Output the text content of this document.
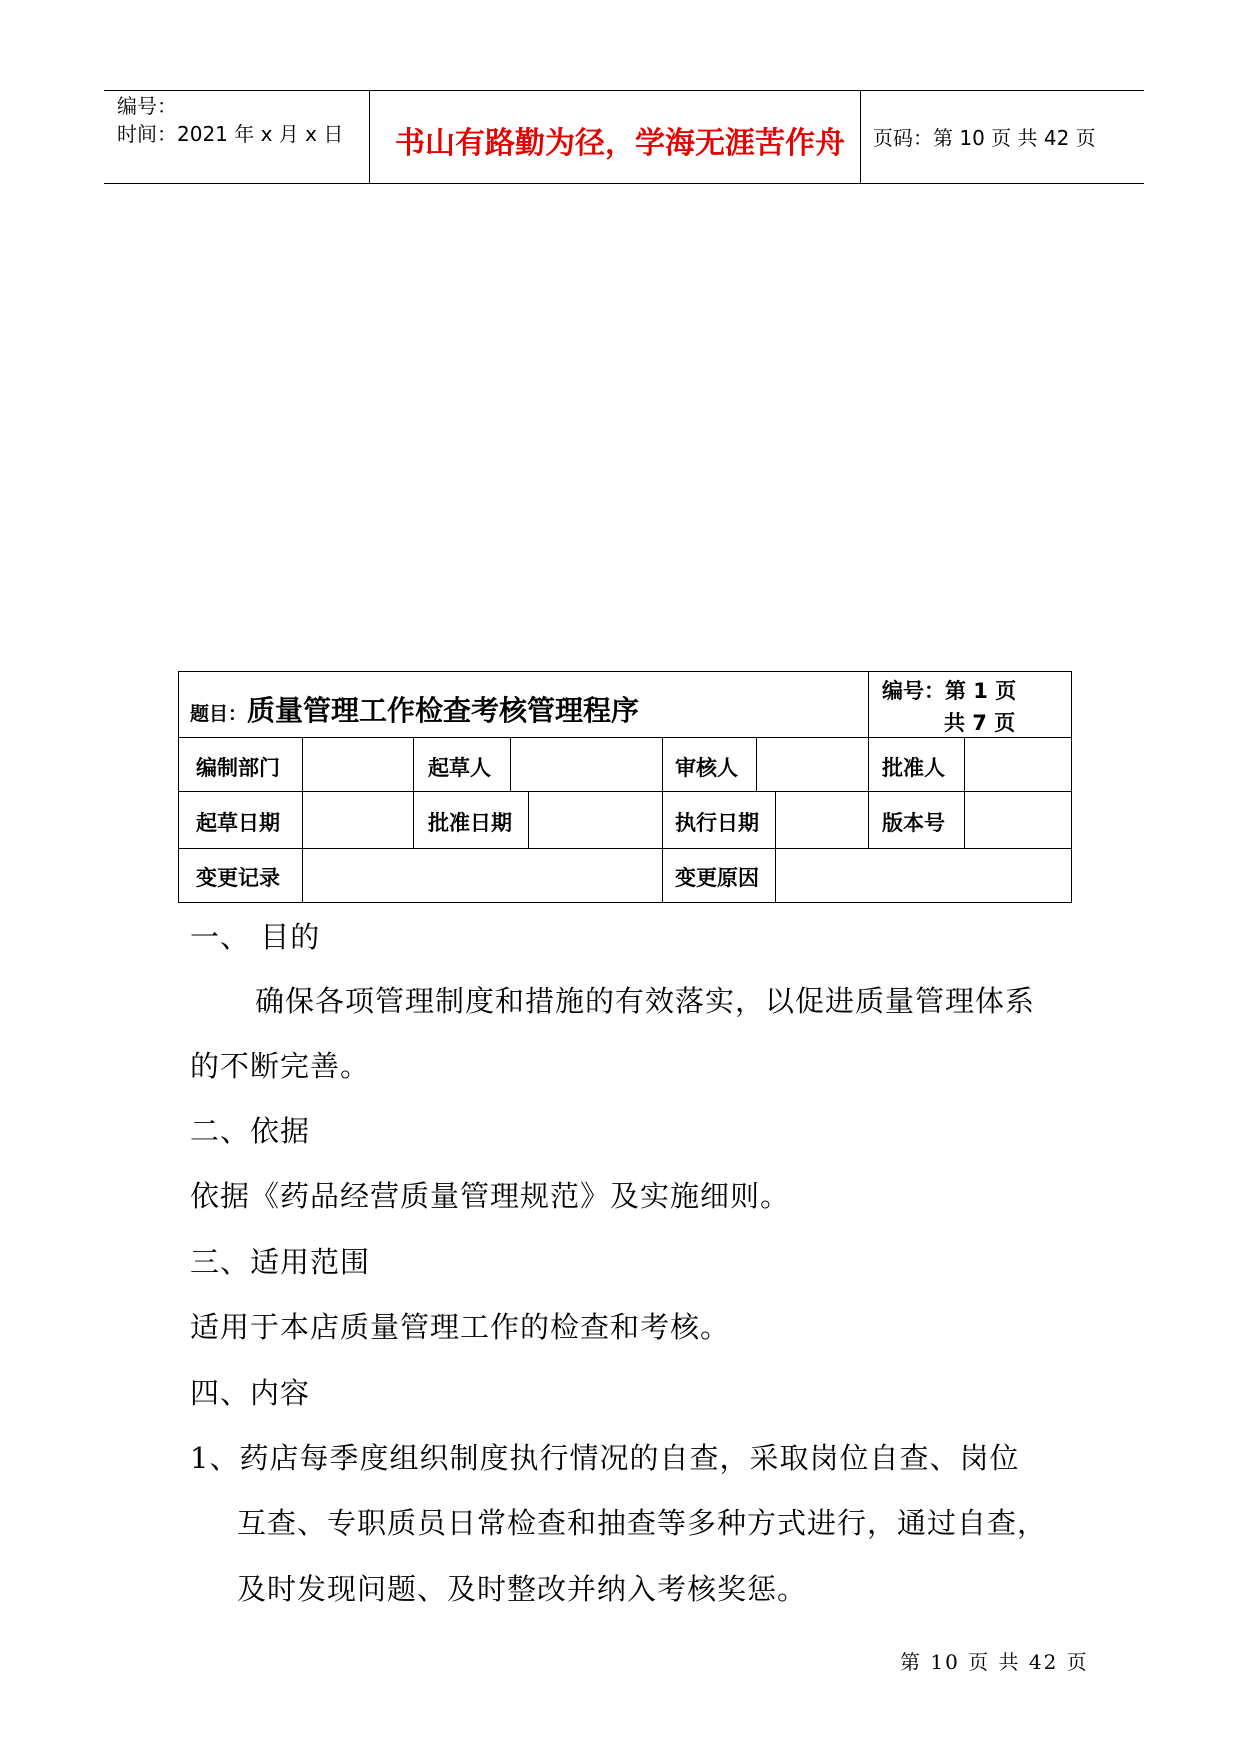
编号：
时间：2021 年 x 月 x 日 书山有路勤为径，学海无涯苦作舟 页码：第 10 页 共 42 页
题目：质量管理工作检查考核管理程序
编号：第 1 页
共 7 页
编制部门	起草人	审核人	批准人
起草日期	批准日期	执行日期	版本号
变更记录	变更原因
一、 目的
确保各项管理制度和措施的有效落实，以促进质量管理体系
的不断完善。
二、依据
依据《药品经营质量管理规范》及实施细则。
三、适用范围
适用于本店质量管理工作的检查和考核。
四、内容
1、药店每季度组织制度执行情况的自查，采取岗位自查、岗位
互查、专职质员日常检查和抽查等多种方式进行，通过自查，
及时发现问题、及时整改并纳入考核奖惩。
第 10 页 共 42 页
